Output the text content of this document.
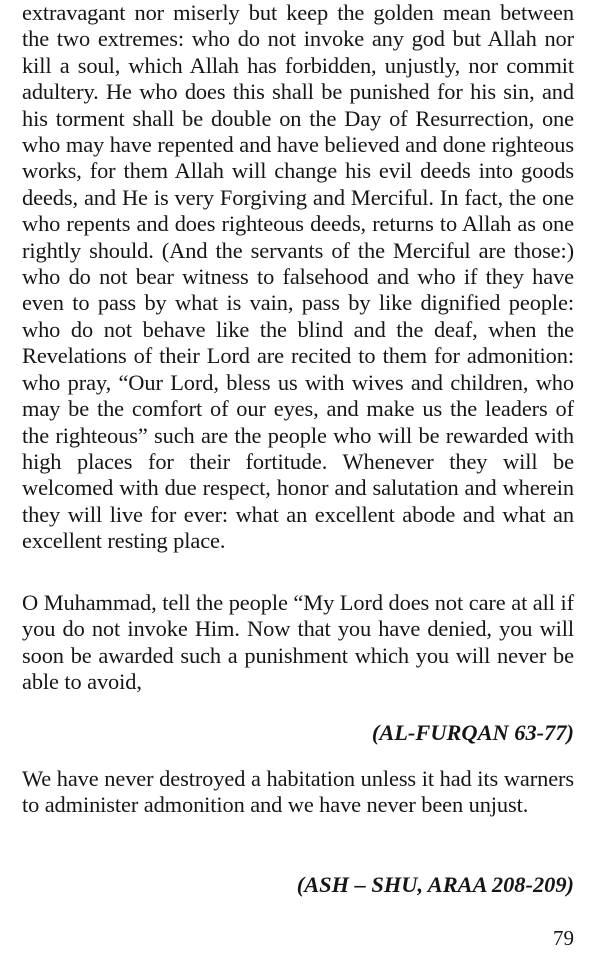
extravagant nor miserly but keep the golden mean between the two extremes: who do not invoke any god but Allah nor kill a soul, which Allah has forbidden, unjustly, nor commit adultery. He who does this shall be punished for his sin, and his torment shall be double on the Day of Resurrection, one who may have repented and have believed and done righteous works, for them Allah will change his evil deeds into goods deeds, and He is very Forgiving and Merciful. In fact, the one who repents and does righteous deeds, returns to Allah as one rightly should. (And the servants of the Merciful are those:) who do not bear witness to falsehood and who if they have even to pass by what is vain, pass by like dignified people: who do not behave like the blind and the deaf, when the Revelations of their Lord are recited to them for admonition: who pray, “Our Lord, bless us with wives and children, who may be the comfort of our eyes, and make us the leaders of the righteous” such are the people who will be rewarded with high places for their fortitude. Whenever they will be welcomed with due respect, honor and salutation and wherein they will live for ever: what an excellent abode and what an excellent resting place.

O Muhammad, tell the people “My Lord does not care at all if you do not invoke Him. Now that you have denied, you will soon be awarded such a punishment which you will never be able to avoid,

(AL-FURQAN 63-77)

We have never destroyed a habitation unless it had its warners to administer admonition and we have never been unjust.

(ASH – SHU, ARAA 208-209)

79
